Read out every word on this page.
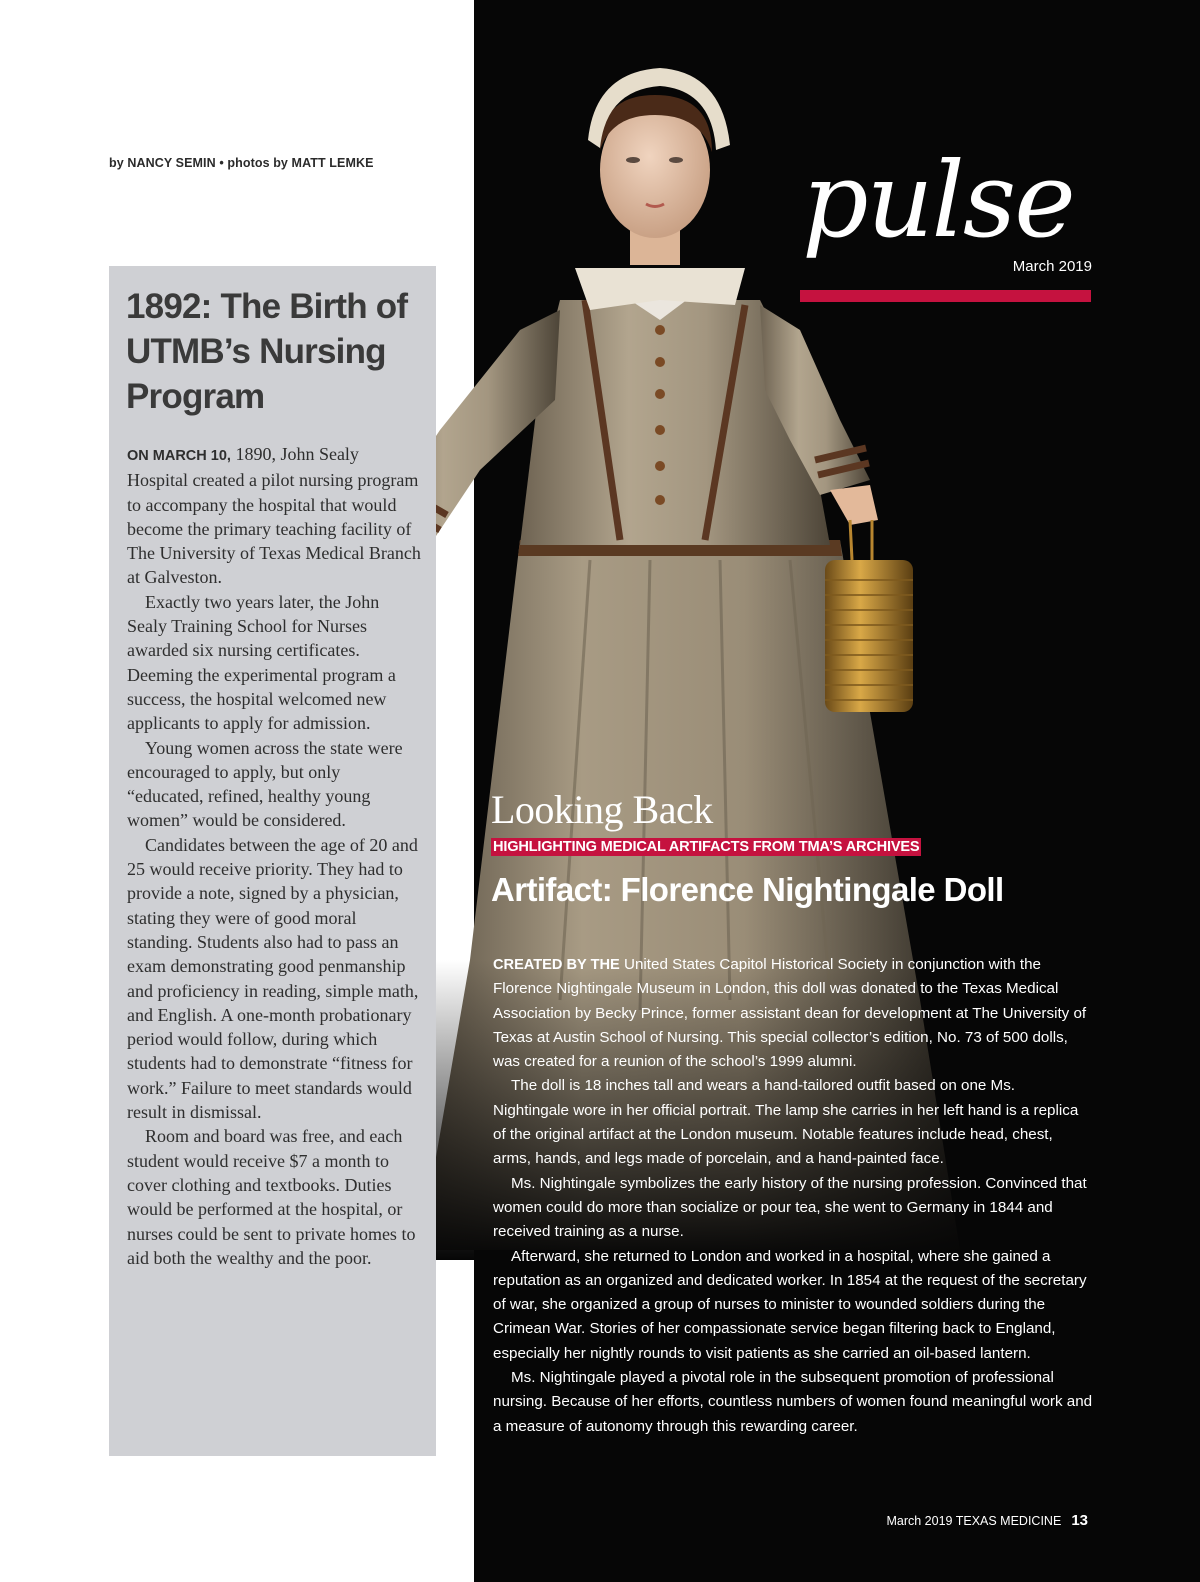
by NANCY SEMIN • photos by MATT LEMKE
1892: The Birth of UTMB’s Nursing Program

ON MARCH 10, 1890, John Sealy Hospital created a pilot nursing program to accompany the hospital that would become the primary teaching facility of The University of Texas Medical Branch at Galveston.

Exactly two years later, the John Sealy Training School for Nurses awarded six nursing certificates. Deeming the experimental program a success, the hospital welcomed new applicants to apply for admission.

Young women across the state were encouraged to apply, but only “educated, refined, healthy young women” would be considered.

Candidates between the age of 20 and 25 would receive priority. They had to provide a note, signed by a physician, stating they were of good moral standing. Students also had to pass an exam demonstrating good penmanship and proficiency in reading, simple math, and English. A one-month probationary period would follow, during which students had to demonstrate “fitness for work.” Failure to meet standards would result in dismissal.

Room and board was free, and each student would receive $7 a month to cover clothing and textbooks. Duties would be performed at the hospital, or nurses could be sent to private homes to aid both the wealthy and the poor.

pulse
March 2019
Looking Back
HIGHLIGHTING MEDICAL ARTIFACTS FROM TMA’S ARCHIVES
Artifact: Florence Nightingale Doll

CREATED BY THE United States Capitol Historical Society in conjunction with the Florence Nightingale Museum in London, this doll was donated to the Texas Medical Association by Becky Prince, former assistant dean for development at The University of Texas at Austin School of Nursing. This special collector’s edition, No. 73 of 500 dolls, was created for a reunion of the school’s 1999 alumni.

The doll is 18 inches tall and wears a hand-tailored outfit based on one Ms. Nightingale wore in her official portrait. The lamp she carries in her left hand is a replica of the original artifact at the London museum. Notable features include head, chest, arms, hands, and legs made of porcelain, and a hand-painted face.

Ms. Nightingale symbolizes the early history of the nursing profession. Convinced that women could do more than socialize or pour tea, she went to Germany in 1844 and received training as a nurse.

Afterward, she returned to London and worked in a hospital, where she gained a reputation as an organized and dedicated worker. In 1854 at the request of the secretary of war, she organized a group of nurses to minister to wounded soldiers during the Crimean War. Stories of her compassionate service began filtering back to England, especially her nightly rounds to visit patients as she carried an oil-based lantern.

Ms. Nightingale played a pivotal role in the subsequent promotion of professional nursing. Because of her efforts, countless numbers of women found meaningful work and a measure of autonomy through this rewarding career.

March 2019 TEXAS MEDICINE 13
